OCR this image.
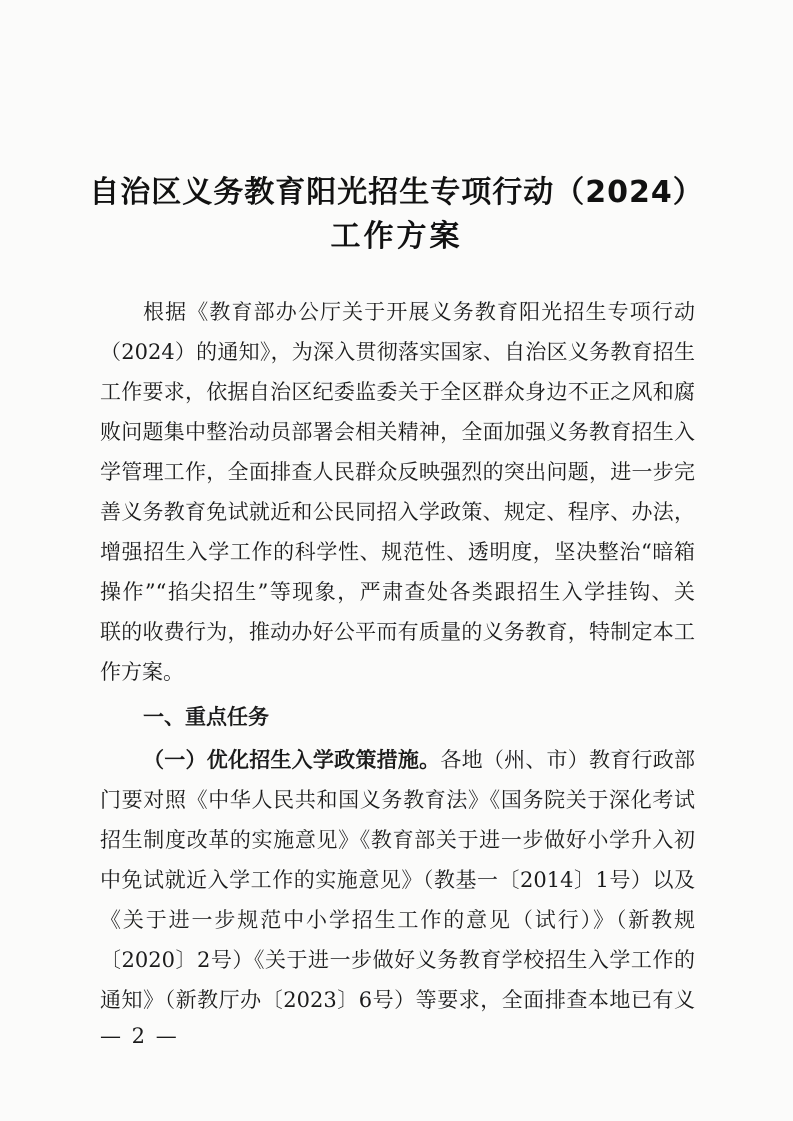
自治区义务教育阳光招生专项行动（2024）
工作方案

根据《教育部办公厅关于开展义务教育阳光招生专项行动

（2024）的通知》，为深入贯彻落实国家、自治区义务教育招生

工作要求，依据自治区纪委监委关于全区群众身边不正之风和腐

败问题集中整治动员部署会相关精神，全面加强义务教育招生入

学管理工作，全面排查人民群众反映强烈的突出问题，进一步完

善义务教育免试就近和公民同招入学政策、规定、程序、办法，

增强招生入学工作的科学性、规范性、透明度，坚决整治“暗箱

操作”“掐尖招生”等现象，严肃查处各类跟招生入学挂钩、关

联的收费行为，推动办好公平而有质量的义务教育，特制定本工

作方案。

一、重点任务

（一）优化招生入学政策措施。各地（州、市）教育行政部

门要对照《中华人民共和国义务教育法》《国务院关于深化考试

招生制度改革的实施意见》《教育部关于进一步做好小学升入初

中免试就近入学工作的实施意见》（教基一〔2014〕1号）以及

《关于进一步规范中小学招生工作的意见（试行）》（新教规

〔2020〕2号）《关于进一步做好义务教育学校招生入学工作的

通知》（新教厅办〔2023〕6号）等要求，全面排查本地已有义

— 2 —
